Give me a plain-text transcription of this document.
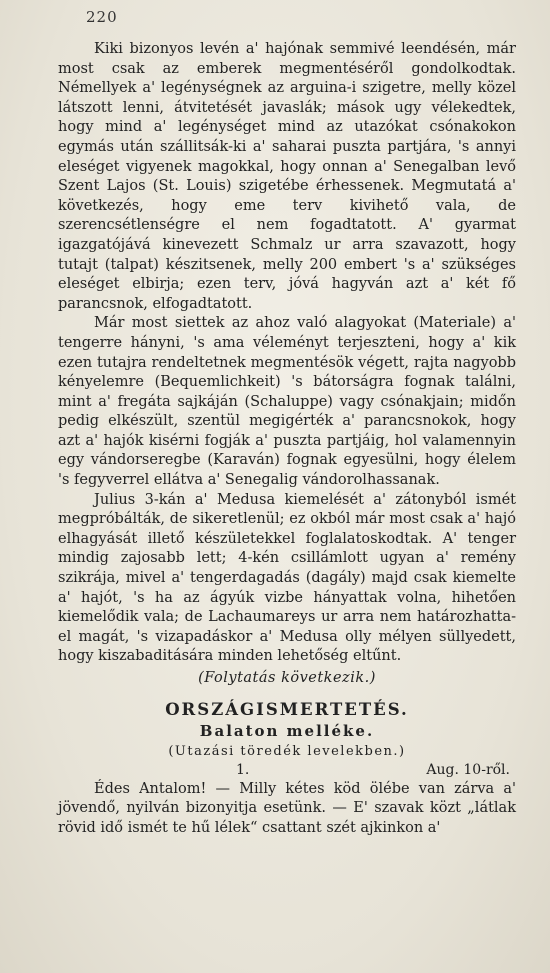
220

Kiki bizonyos levén a' hajónak semmivé leendésén, már most csak az emberek megmentéséről gondolkodtak. Némellyek a' legénységnek az arguina-i szigetre, melly közel látszott lenni, átvitetését javaslák; mások ugy vélekedtek, hogy mind a' legénységet mind az utazókat csónakokon egymás után szállitsák-ki a' saharai puszta partjára, 's annyi eleséget vigyenek magokkal, hogy onnan a' Senegalban levő Szent Lajos (St. Louis) szigetébe érhessenek. Megmutatá a' következés, hogy eme terv kivihető vala, de szerencsétlenségre el nem fogadtatott. A' gyarmat igazgatójává kinevezett Schmalz ur arra szavazott, hogy tutajt (talpat) készitsenek, melly 200 embert 's a' szükséges eleséget elbirja; ezen terv, jóvá hagyván azt a' két fő parancsnok, elfogadtatott.

Már most siettek az ahoz való alagyokat (Materiale) a' tengerre hányni, 's ama véleményt terjeszteni, hogy a' kik ezen tutajra rendeltetnek megmentésök végett, rajta nagyobb kényelemre (Bequemlichkeit) 's bátorságra fognak találni, mint a' fregáta sajkáján (Schaluppe) vagy csónakjain; midőn pedig elkészült, szentül megigérték a' parancsnokok, hogy azt a' hajók kisérni fogják a' puszta partjáig, hol valamennyin egy vándorseregbe (Karaván) fognak egyesülni, hogy élelem 's fegyverrel ellátva a' Senegalig vándorolhassanak.

Julius 3-kán a' Medusa kiemelését a' zátonyból ismét megpróbálták, de sikeretlenül; ez okból már most csak a' hajó elhagyását illető készületekkel foglalatoskodtak. A' tenger mindig zajosabb lett; 4-kén csillámlott ugyan a' remény szikrája, mivel a' tengerdagadás (dagály) majd csak kiemelte a' hajót, 's ha az ágyúk vizbe hányattak volna, hihetően kiemelődik vala; de Lachaumareys ur arra nem határozhatta-el magát, 's vizapadáskor a' Medusa olly mélyen süllyedett, hogy kiszabaditására minden lehetőség eltűnt.

(Folytatás következik.)

ORSZÁGISMERTETÉS.

Balaton melléke.

(Utazási töredék levelekben.)

1.	Aug. 10-ről.

Édes Antalom! — Milly kétes köd ölébe van zárva a' jövendő, nyilván bizonyitja esetünk. — E' szavak közt „látlak rövid idő ismét te hű lélek“ csattant szét ajkinkon a'
